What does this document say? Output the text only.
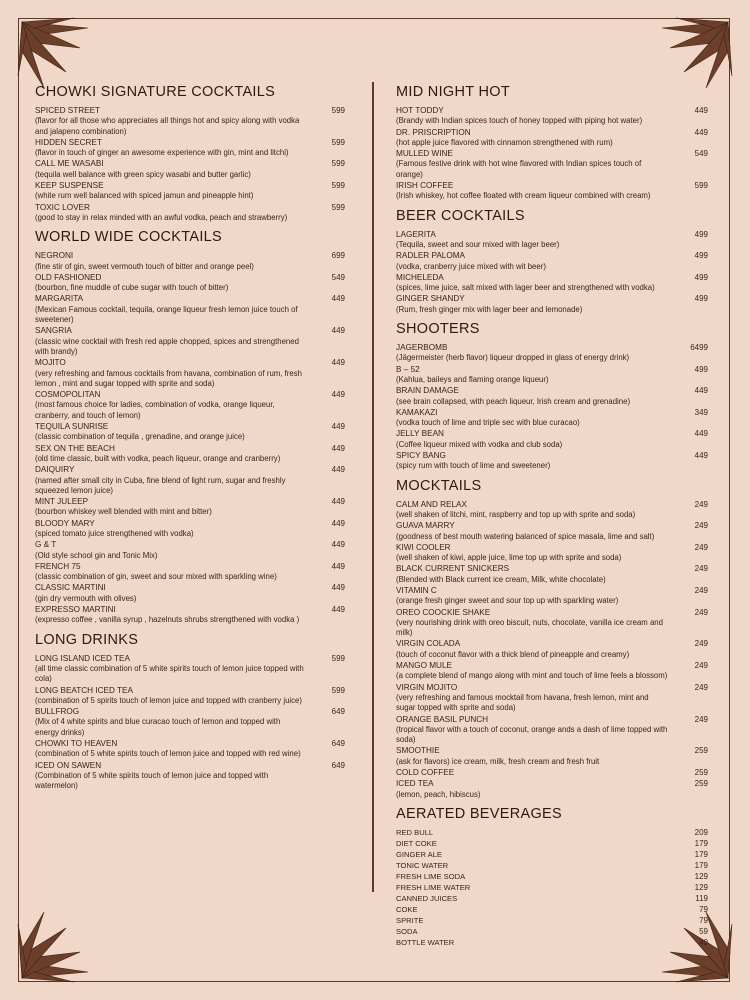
CHOWKI SIGNATURE COCKTAILS
SPICED STREET
(flavor for all those who appreciates all things hot and spicy along with vodka and jalapeno combination)
599
HIDDEN SECRET
(flavor in touch of ginger an awesome experience with gin, mint and litchi)
599
CALL ME WASABI
(tequila well balance with green spicy wasabi and butter garlic)
599
KEEP SUSPENSE
(white rum well balanced with spiced jamun and pineapple hint)
599
TOXIC LOVER
(good to stay in relax minded with an awful vodka, peach and strawberry)
599
WORLD WIDE COCKTAILS
NEGRONI
(fine stir of gin, sweet vermouth touch of bitter and orange peel)
699
OLD FASHIONED
(bourbon, fine muddle of cube sugar with touch of bitter)
549
MARGARITA
(Mexican Famous cocktail, tequila, orange liqueur fresh lemon juice touch of sweetener)
449
SANGRIA
(classic wine cocktail with fresh red apple chopped, spices and strengthened with brandy)
449
MOJITO
(very refreshing and famous cocktails from havana, combination of rum, fresh lemon , mint and sugar topped with sprite and soda)
449
COSMOPOLITAN
(most famous choice for ladies, combination of vodka, orange liqueur, cranberry, and touch of lemon)
449
TEQUILA SUNRISE
(classic combination of tequila , grenadine, and orange juice)
449
SEX ON THE BEACH
(old time classic, built with vodka, peach liqueur, orange and cranberry)
449
DAIQUIRY
(named after small city in Cuba, fine blend of light rum, sugar and freshly squeezed lemon juice)
449
MINT JULEEP
(bourbon whiskey well blended with mint and bitter)
449
BLOODY MARY
(spiced tomato juice strengthened with vodka)
449
G & T
(Old style school gin and Tonic Mix)
449
FRENCH 75
(classic combination of gin, sweet and sour mixed with sparkling wine)
449
CLASSIC MARTINI
(gin dry vermouth with olives)
449
EXPRESSO MARTINI
(expresso coffee , vanilla syrup , hazelnuts shrubs strengthened with vodka )
449
LONG DRINKS
LONG ISLAND ICED TEA
(all time classic combination of 5 white spirits touch of lemon juice topped with cola)
599
LONG BEATCH ICED TEA
(combination of 5 spirits touch of lemon juice and topped with cranberry juice)
599
BULLFROG
(Mix of 4 white spirits and blue curacao touch of lemon and topped with energy drinks)
649
CHOWKI TO HEAVEN
(combination of 5 white spirits touch of lemon juice and topped with red wine)
649
ICED ON SAWEN
(Combination of 5 white spirits touch of lemon juice and topped with watermelon)
649
MID NIGHT HOT
HOT TODDY
(Brandy with Indian spices touch of honey topped with piping hot water)
449
DR. PRISCRIPTION
(hot apple juice flavored with cinnamon strengthened with rum)
449
MULLED WINE
(Famous festive drink with hot wine flavored with Indian spices touch of orange)
549
IRISH COFFEE
(Irish whiskey, hot coffee floated with cream liqueur combined with cream)
599
BEER COCKTAILS
LAGERITA
(Tequila, sweet and sour mixed with lager beer)
499
RADLER PALOMA
(vodka, cranberry juice mixed with wit beer)
499
MICHELEDA
(spices, lime juice, salt mixed with lager beer and strengthened with vodka)
499
GINGER SHANDY
(Rum, fresh ginger mix with lager beer and lemonade)
499
SHOOTERS
JAGERBOMB
(Jägermeister (herb flavor) liqueur dropped in glass of energy drink)
6499
B – 52
(Kahlua, baileys and flaming orange liqueur)
499
BRAIN DAMAGE
(see brain collapsed, with peach liqueur, Irish cream and grenadine)
449
KAMAKAZI
(vodka touch of lime and triple sec with blue curacao)
349
JELLY BEAN
(Coffee liqueur mixed with vodka and club soda)
449
SPICY BANG
(spicy rum with touch of lime and sweetener)
449
MOCKTAILS
CALM AND RELAX
(well shaken of litchi, mint, raspberry and top up with sprite and soda)
249
GUAVA MARRY
(goodness of best mouth watering balanced of spice masala, lime and salt)
249
KIWI COOLER
(well shaken of kiwi, apple juice, lime top up with sprite and soda)
249
BLACK CURRENT SNICKERS
(Blended with Black current ice cream, Milk, white chocolate)
249
VITAMIN C
(orange fresh ginger sweet and sour top up with sparkling water)
249
OREO COOCKIE SHAKE
(very nourishing drink with oreo biscuit, nuts, chocolate, vanilla ice cream and milk)
249
VIRGIN COLADA
(touch of coconut flavor with a thick blend of pineapple and creamy)
249
MANGO MULE
(a complete blend of mango along with mint and touch of lime feels a blossom)
249
VIRGIN MOJITO
(very refreshing and famous mocktail from havana, fresh lemon, mint and sugar topped with sprite and soda)
249
ORANGE BASIL PUNCH
(tropical flavor with a touch of coconut, orange ands a dash of lime topped with soda)
249
SMOOTHIE
(ask for flavors) ice cream, milk, fresh cream and fresh fruit
259
COLD COFFEE	259
ICED TEA
(lemon, peach, hibiscus)
259
AERATED BEVERAGES
RED BULL	209
DIET COKE	179
GINGER ALE	179
TONIC WATER	179
FRESH LIME SODA	129
FRESH LIME WATER	129
CANNED JUICES	119
COKE	79
SPRITE	79
SODA	59
BOTTLE WATER	40
